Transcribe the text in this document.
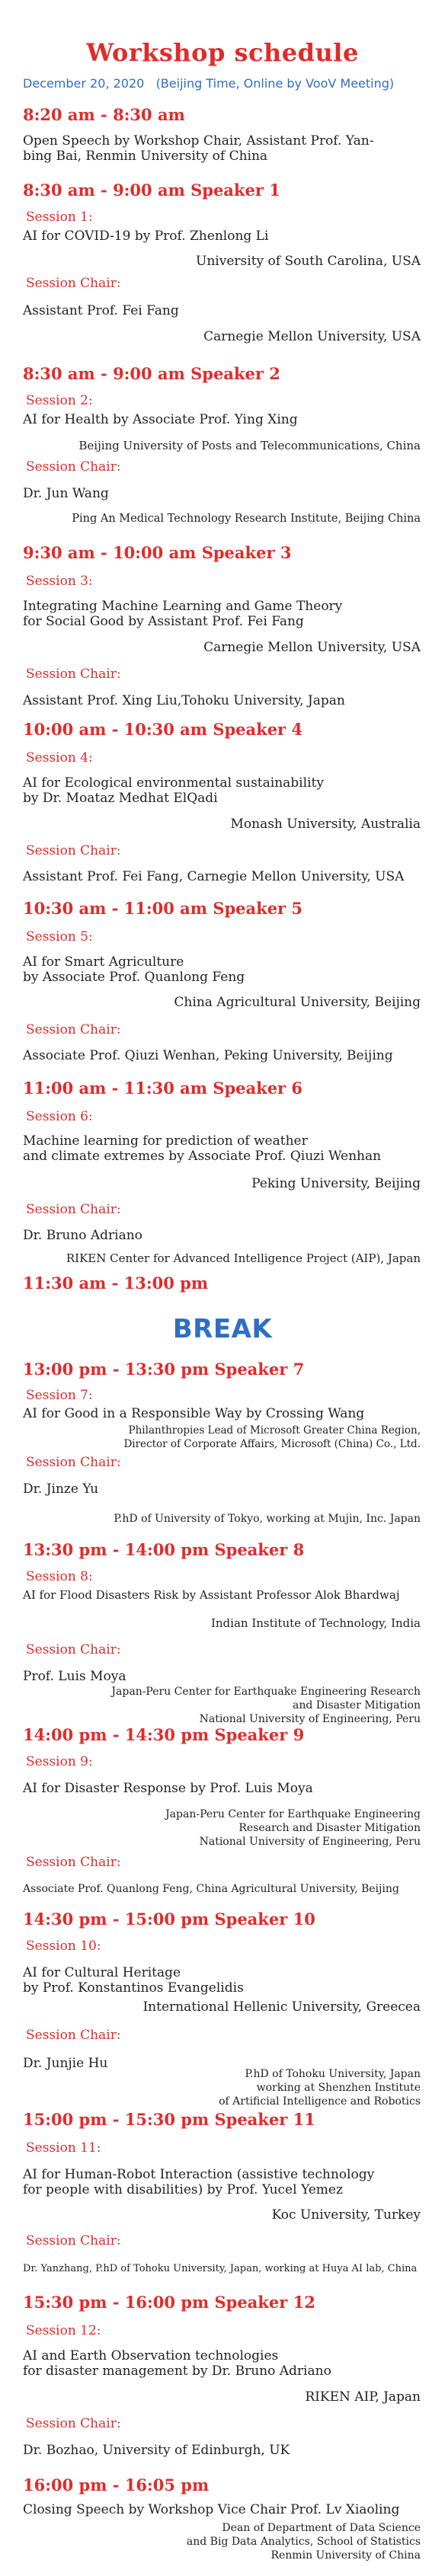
Workshop schedule
December 20, 2020   (Beijing Time, Online by VooV Meeting)
8:20 am - 8:30 am
Open Speech by Workshop Chair, Assistant Prof. Yan-
bing Bai, Renmin University of China
8:30 am - 9:00 am Speaker 1
Session 1:
AI for COVID-19 by Prof. Zhenlong Li
University of South Carolina, USA
Session Chair:
Assistant Prof. Fei Fang
Carnegie Mellon University, USA
8:30 am - 9:00 am Speaker 2
Session 2:
AI for Health by Associate Prof. Ying Xing
Beijing University of Posts and Telecommunications, China
Session Chair:
Dr. Jun Wang
Ping An Medical Technology Research Institute, Beijing China
9:30 am - 10:00 am Speaker 3
Session 3:
Integrating Machine Learning and Game Theory
for Social Good by Assistant Prof. Fei Fang
Carnegie Mellon University, USA
Session Chair:
Assistant Prof. Xing Liu,Tohoku University, Japan
10:00 am - 10:30 am Speaker 4
Session 4:
AI for Ecological environmental sustainability
by Dr. Moataz Medhat ElQadi
Monash University, Australia
Session Chair:
Assistant Prof. Fei Fang, Carnegie Mellon University, USA
10:30 am - 11:00 am Speaker 5
Session 5:
AI for Smart Agriculture
by Associate Prof. Quanlong Feng
China Agricultural University, Beijing
Session Chair:
Associate Prof. Qiuzi Wenhan, Peking University, Beijing
11:00 am - 11:30 am Speaker 6
Session 6:
Machine learning for prediction of weather
and climate extremes by Associate Prof. Qiuzi Wenhan
Peking University, Beijing
Session Chair:
Dr. Bruno Adriano
RIKEN Center for Advanced Intelligence Project (AIP), Japan
11:30 am - 13:00 pm
BREAK
13:00 pm - 13:30 pm Speaker 7
Session 7:
AI for Good in a Responsible Way by Crossing Wang
Philanthropies Lead of Microsoft Greater China Region,
Director of Corporate Affairs, Microsoft (China) Co., Ltd.
Session Chair:
Dr. Jinze Yu
P.hD of University of Tokyo, working at Mujin, Inc. Japan
13:30 pm - 14:00 pm Speaker 8
Session 8:
AI for Flood Disasters Risk by Assistant Professor Alok Bhardwaj
Indian Institute of Technology, India
Session Chair:
Prof. Luis Moya
Japan-Peru Center for Earthquake Engineering Research
and Disaster Mitigation
National University of Engineering, Peru
14:00 pm - 14:30 pm Speaker 9
Session 9:
AI for Disaster Response by Prof. Luis Moya
Japan-Peru Center for Earthquake Engineering
Research and Disaster Mitigation
National University of Engineering, Peru
Session Chair:
Associate Prof. Quanlong Feng, China Agricultural University, Beijing
14:30 pm - 15:00 pm Speaker 10
Session 10:
AI for Cultural Heritage
by Prof. Konstantinos Evangelidis
International Hellenic University, Greecea
Session Chair:
Dr. Junjie Hu
P.hD of Tohoku University, Japan
working at Shenzhen Institute
of Artificial Intelligence and Robotics
15:00 pm - 15:30 pm Speaker 11
Session 11:
AI for Human-Robot Interaction (assistive technology
for people with disabilities) by Prof. Yucel Yemez
Koc University, Turkey
Session Chair:
Dr. Yanzhang, P.hD of Tohoku University, Japan, working at Huya AI lab, China
15:30 pm - 16:00 pm Speaker 12
Session 12:
AI and Earth Observation technologies
for disaster management by Dr. Bruno Adriano
RIKEN AIP, Japan
Session Chair:
Dr. Bozhao, University of Edinburgh, UK
16:00 pm - 16:05 pm
Closing Speech by Workshop Vice Chair Prof. Lv Xiaoling
Dean of Department of Data Science
and Big Data Analytics, School of Statistics
Renmin University of China
